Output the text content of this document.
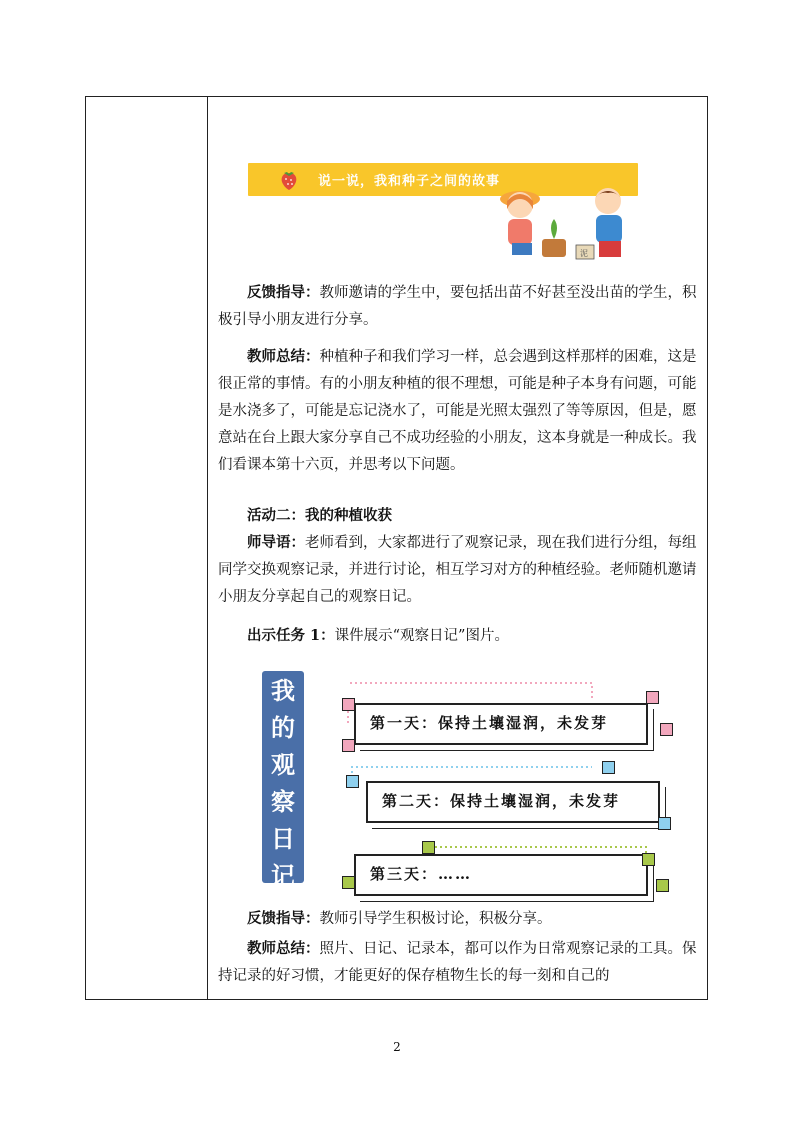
说一说，我和种子之间的故事
泥

反馈指导：教师邀请的学生中，要包括出苗不好甚至没出苗的学生，积极引导小朋友进行分享。

教师总结：种植种子和我们学习一样，总会遇到这样那样的困难，这是很正常的事情。有的小朋友种植的很不理想，可能是种子本身有问题，可能是水浇多了，可能是忘记浇水了，可能是光照太强烈了等等原因，但是，愿意站在台上跟大家分享自己不成功经验的小朋友，这本身就是一种成长。我们看课本第十六页，并思考以下问题。

活动二：我的种植收获

师导语：老师看到，大家都进行了观察记录，现在我们进行分组，每组同学交换观察记录，并进行讨论，相互学习对方的种植经验。老师随机邀请小朋友分享起自己的观察日记。

出示任务 1：课件展示“观察日记”图片。

我
的
观
察
日
记
第一天：保持土壤湿润，未发芽
第二天：保持土壤湿润，未发芽
第三天：……

反馈指导：教师引导学生积极讨论，积极分享。

教师总结：照片、日记、记录本，都可以作为日常观察记录的工具。保持记录的好习惯，才能更好的保存植物生长的每一刻和自己的

2
